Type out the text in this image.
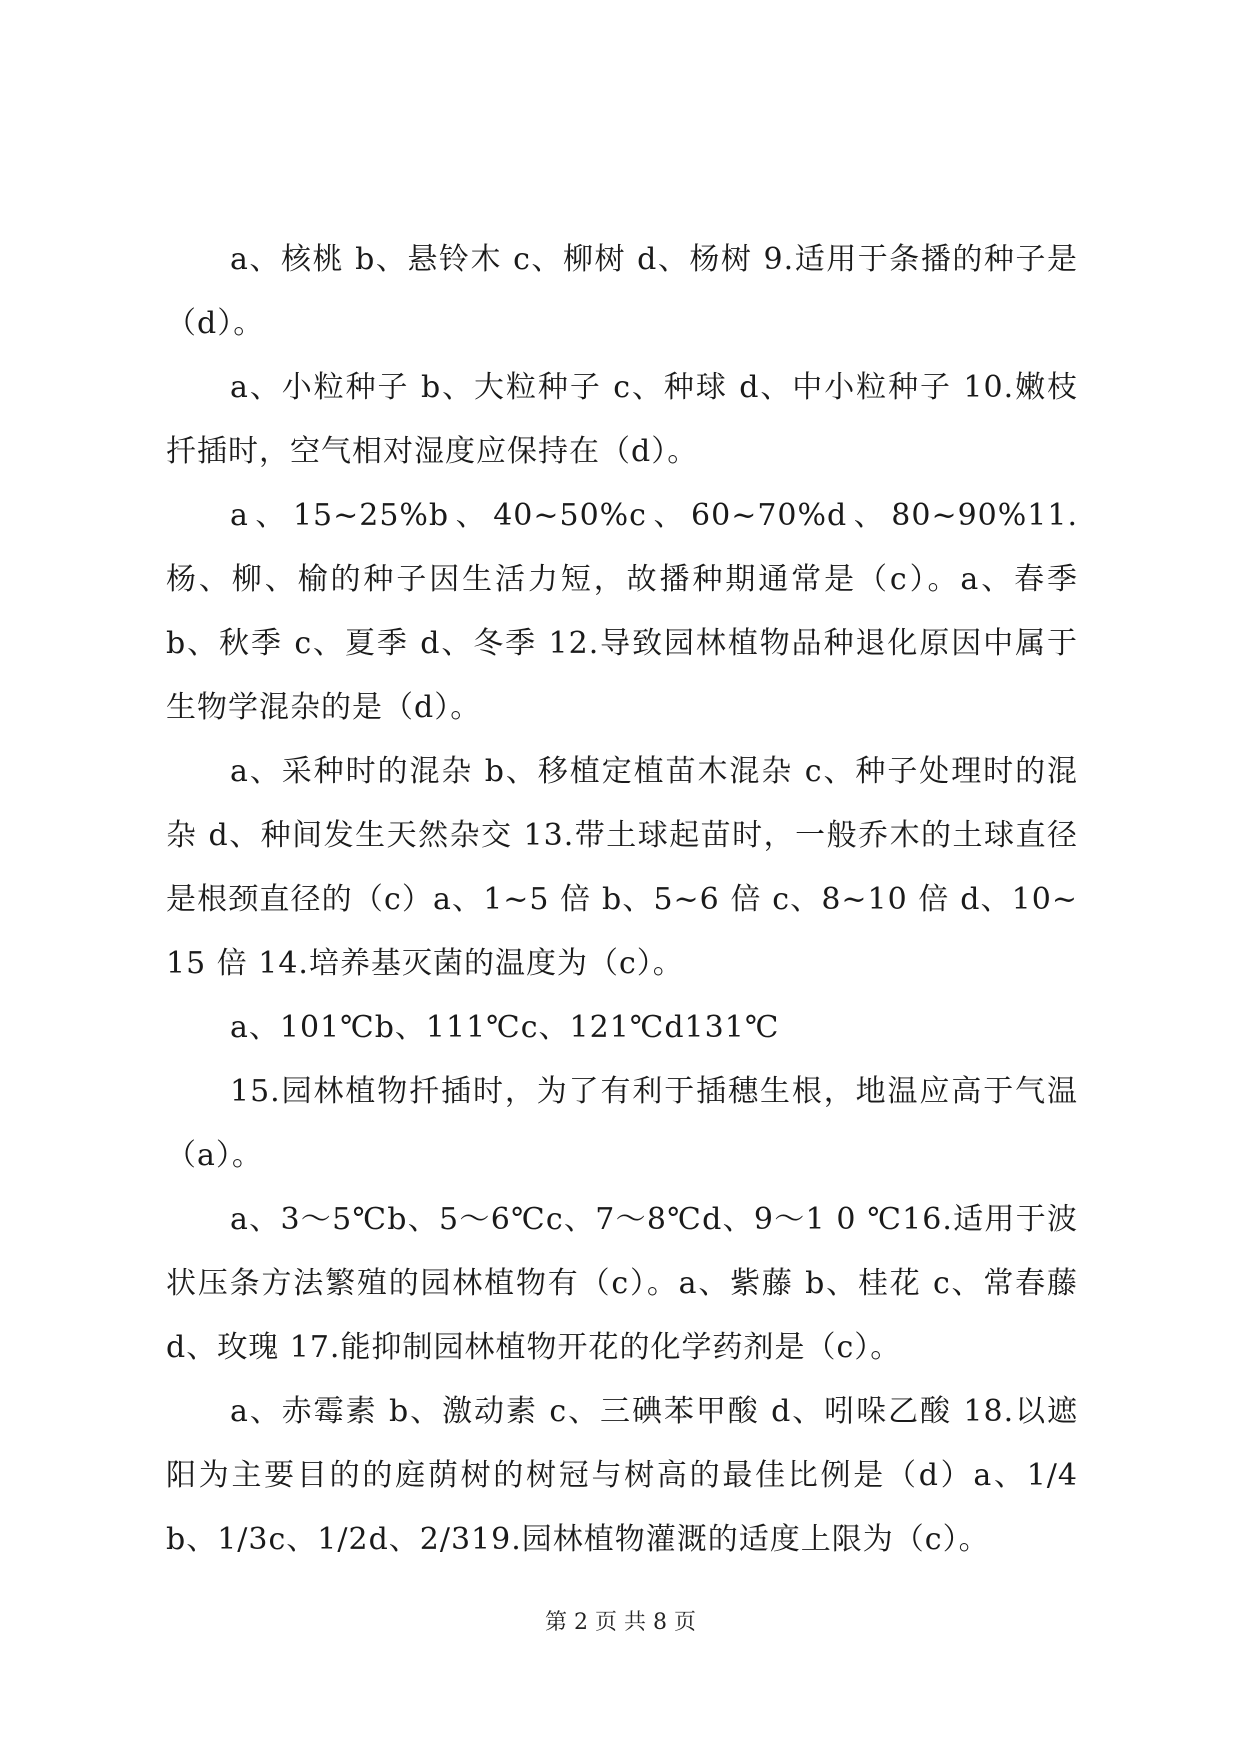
a、核桃 b、悬铃木 c、柳树 d、杨树 9.适用于条播的种子是（d）。

a、小粒种子 b、大粒种子 c、种球 d、中小粒种子 10.嫩枝扦插时，空气相对湿度应保持在（d）。

a、15~25%b、40~50%c、60~70%d、80~90%11.杨、柳、榆的种子因生活力短，故播种期通常是（c）。a、春季 b、秋季 c、夏季 d、冬季 12.导致园林植物品种退化原因中属于生物学混杂的是（d）。

a、采种时的混杂 b、移植定植苗木混杂 c、种子处理时的混杂 d、种间发生天然杂交 13.带土球起苗时，一般乔木的土球直径是根颈直径的（c）a、1~5 倍 b、5~6 倍 c、8~10 倍 d、10~15 倍 14.培养基灭菌的温度为（c）。

a、101℃b、111℃c、121℃d131℃

15.园林植物扦插时，为了有利于插穗生根，地温应高于气温（a）。

a、3～5℃b、5～6℃c、7～8℃d、9～1 0 ℃16.适用于波状压条方法繁殖的园林植物有（c）。a、紫藤 b、桂花 c、常春藤 d、玫瑰 17.能抑制园林植物开花的化学药剂是（c）。

a、赤霉素 b、激动素 c、三碘苯甲酸 d、吲哚乙酸 18.以遮阳为主要目的的庭荫树的树冠与树高的最佳比例是（d）a、1/4b、1/3c、1/2d、2/319.园林植物灌溉的适度上限为（c）。

第 2 页 共 8 页
